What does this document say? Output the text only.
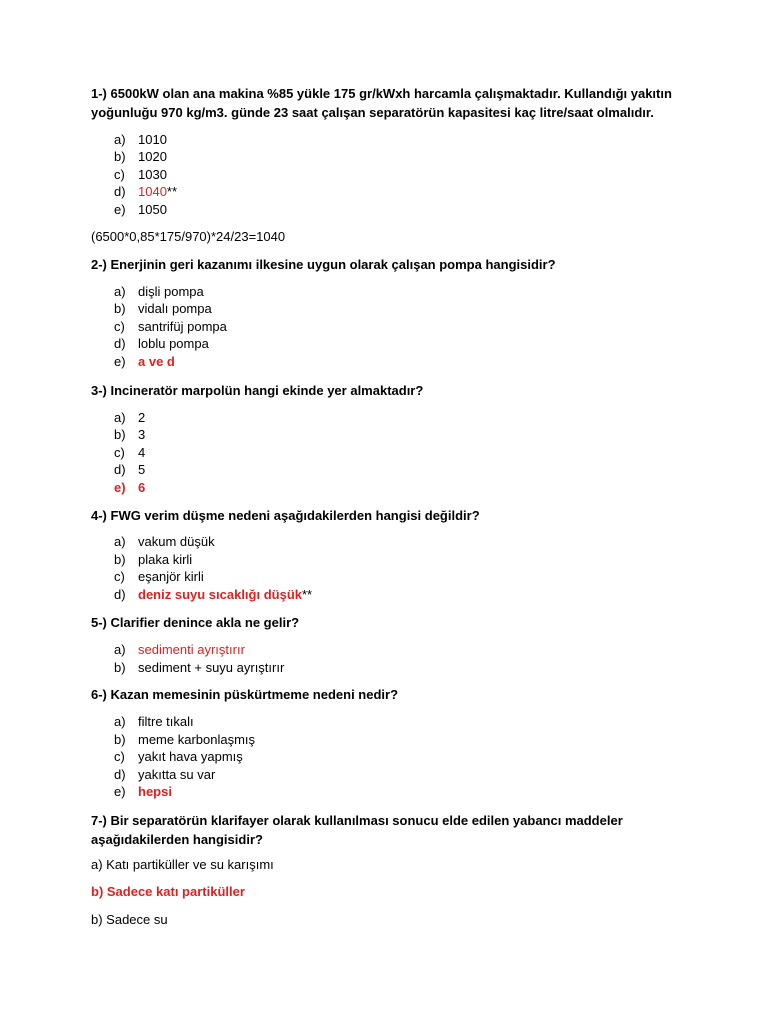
1-) 6500kW olan ana makina %85 yükle 175 gr/kWxh harcamla çalışmaktadır. Kullandığı yakıtın
yoğunluğu 970 kg/m3. günde 23 saat çalışan separatörün kapasitesi kaç litre/saat olmalıdır.
a) 1010
b) 1020
c) 1030
d) 1040**
e) 1050
(6500*0,85*175/970)*24/23=1040
2-) Enerjinin geri kazanımı ilkesine uygun olarak çalışan pompa hangisidir?
a) dişli pompa
b) vidalı pompa
c) santrifüj pompa
d) loblu pompa
e) a ve d
3-) Incineratör marpolün hangi ekinde yer almaktadır?
a) 2
b) 3
c) 4
d) 5
e) 6
4-) FWG verim düşme nedeni aşağıdakilerden hangisi değildir?
a) vakum düşük
b) plaka kirli
c) eşanjör kirli
d) deniz suyu sıcaklığı düşük**
5-) Clarifier denince akla ne gelir?
a) sedimenti ayrıştırır
b) sediment + suyu ayrıştırır
6-) Kazan memesinin püskürtmeme nedeni nedir?
a) filtre tıkalı
b) meme karbonlaşmış
c) yakıt hava yapmış
d) yakıtta su var
e) hepsi
7-) Bir separatörün klarifayer olarak kullanılması sonucu elde edilen yabancı maddeler
aşağıdakilerden hangisidir?
a) Katı partiküller ve su karışımı
b) Sadece katı partiküller
b) Sadece su
